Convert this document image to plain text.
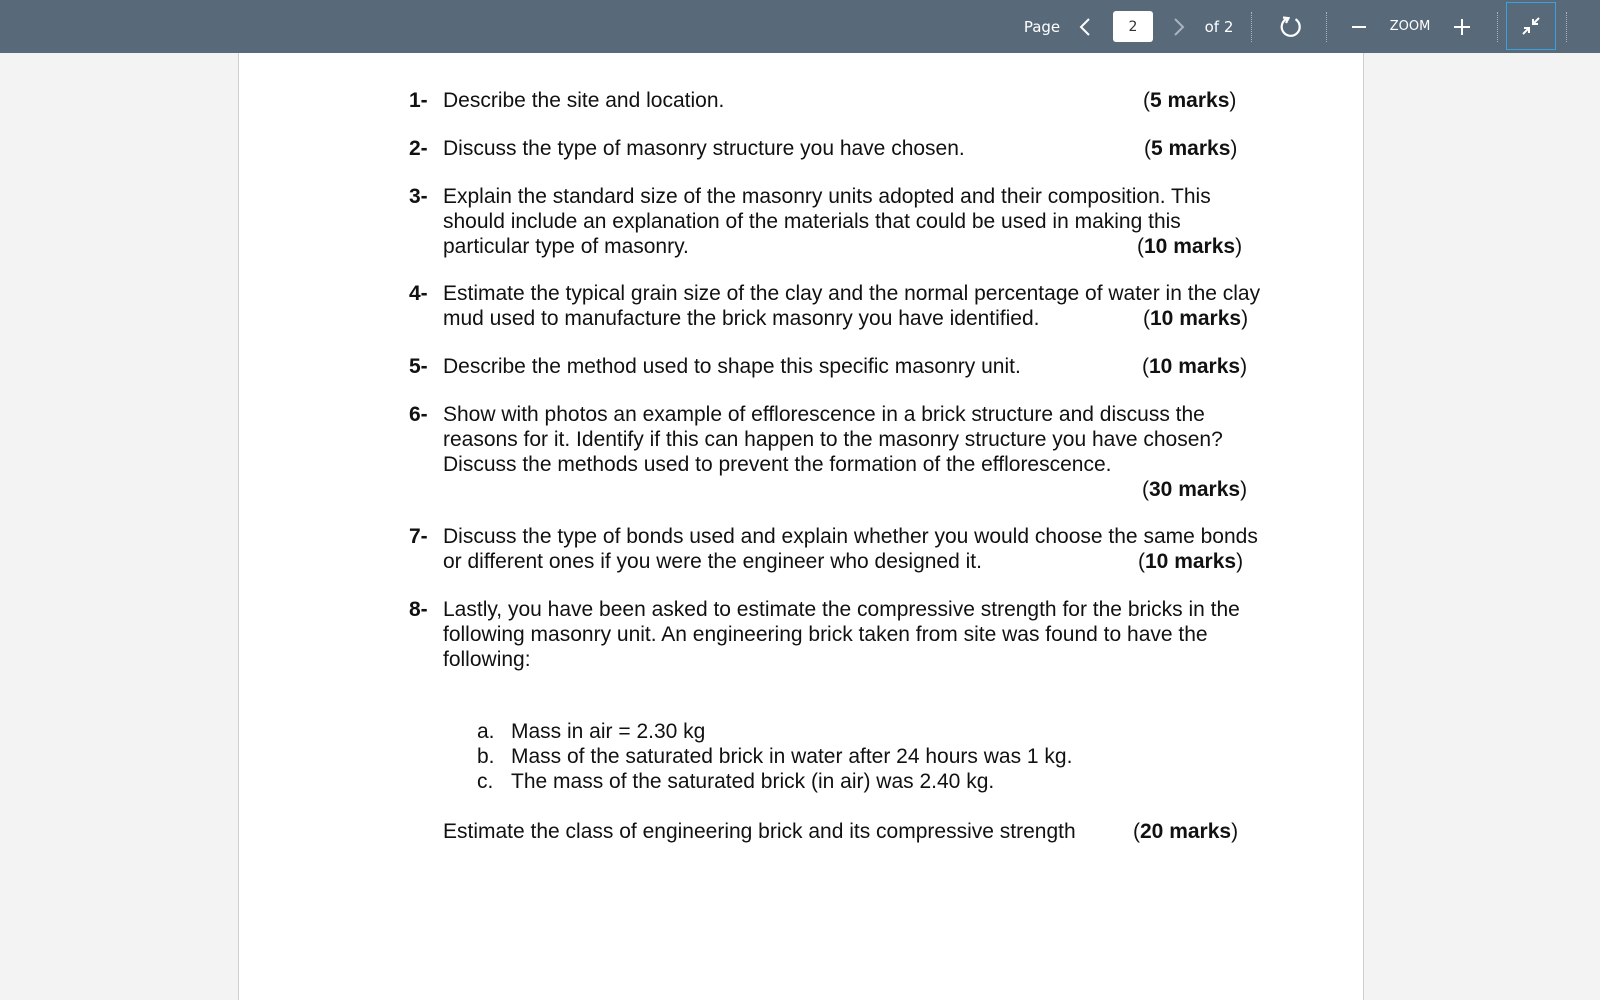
Page
2	of 2	ZOOM
1- Describe the site and location.	(5 marks)
2- Discuss the type of masonry structure you have chosen.	(5 marks)
3- Explain the standard size of the masonry units adopted and their composition. This
should include an explanation of the materials that could be used in making this
particular type of masonry.	(10 marks)
4- Estimate the typical grain size of the clay and the normal percentage of water in the clay
mud used to manufacture the brick masonry you have identified.	(10 marks)
5- Describe the method used to shape this specific masonry unit.	(10 marks)
6- Show with photos an example of efflorescence in a brick structure and discuss the
reasons for it. Identify if this can happen to the masonry structure you have chosen?
Discuss the methods used to prevent the formation of the efflorescence.
(30 marks)
7- Discuss the type of bonds used and explain whether you would choose the same bonds
or different ones if you were the engineer who designed it.	(10 marks)
8- Lastly, you have been asked to estimate the compressive strength for the bricks in the
following masonry unit. An engineering brick taken from site was found to have the
following:
a. Mass in air = 2.30 kg
b. Mass of the saturated brick in water after 24 hours was 1 kg.
c. The mass of the saturated brick (in air) was 2.40 kg.
Estimate the class of engineering brick and its compressive strength	(20 marks)
